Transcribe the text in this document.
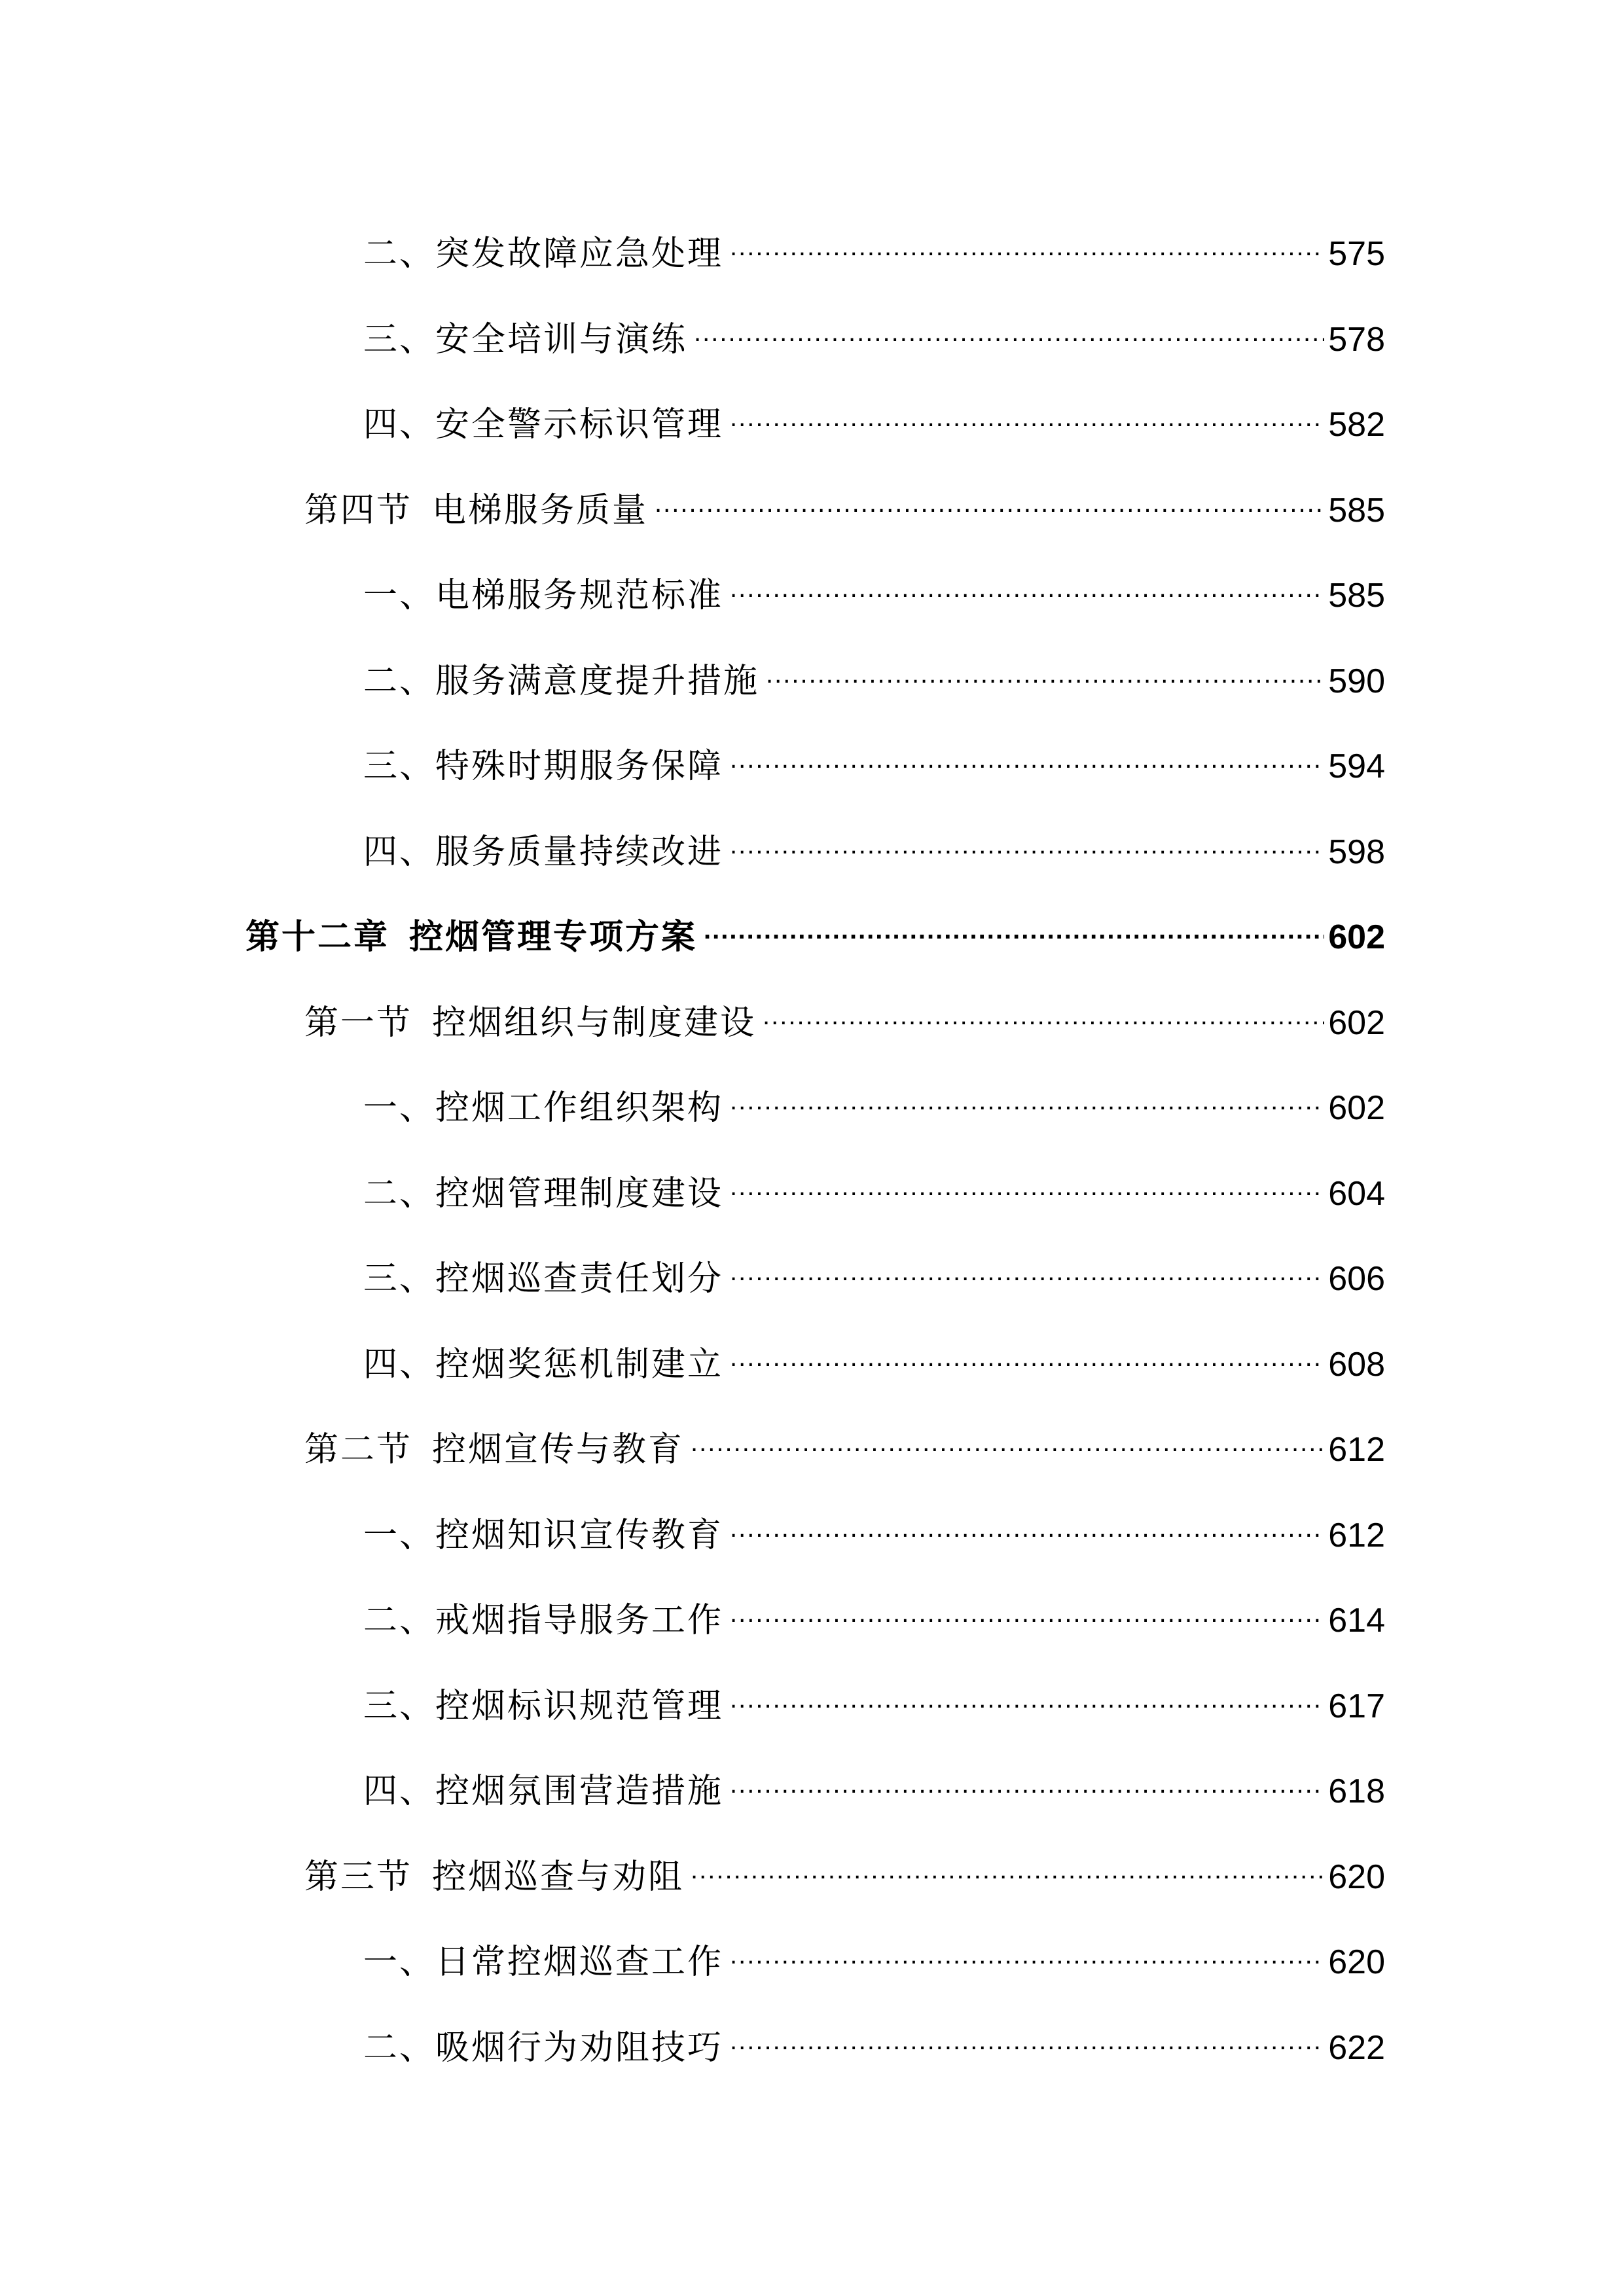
二、突发故障应急处理 .....	575
三、安全培训与演练 .....	578
四、安全警示标识管理 .....	582
第四节 电梯服务质量 .....	585
一、电梯服务规范标准 .....	585
二、服务满意度提升措施 .....	590
三、特殊时期服务保障 .....	594
四、服务质量持续改进 .....	598
第十二章 控烟管理专项方案 .....	602
第一节 控烟组织与制度建设 .....	602
一、控烟工作组织架构 .....	602
二、控烟管理制度建设 .....	604
三、控烟巡查责任划分 .....	606
四、控烟奖惩机制建立 .....	608
第二节 控烟宣传与教育 .....	612
一、控烟知识宣传教育 .....	612
二、戒烟指导服务工作 .....	614
三、控烟标识规范管理 .....	617
四、控烟氛围营造措施 .....	618
第三节 控烟巡查与劝阻 .....	620
一、日常控烟巡查工作 .....	620
二、吸烟行为劝阻技巧 .....	622
